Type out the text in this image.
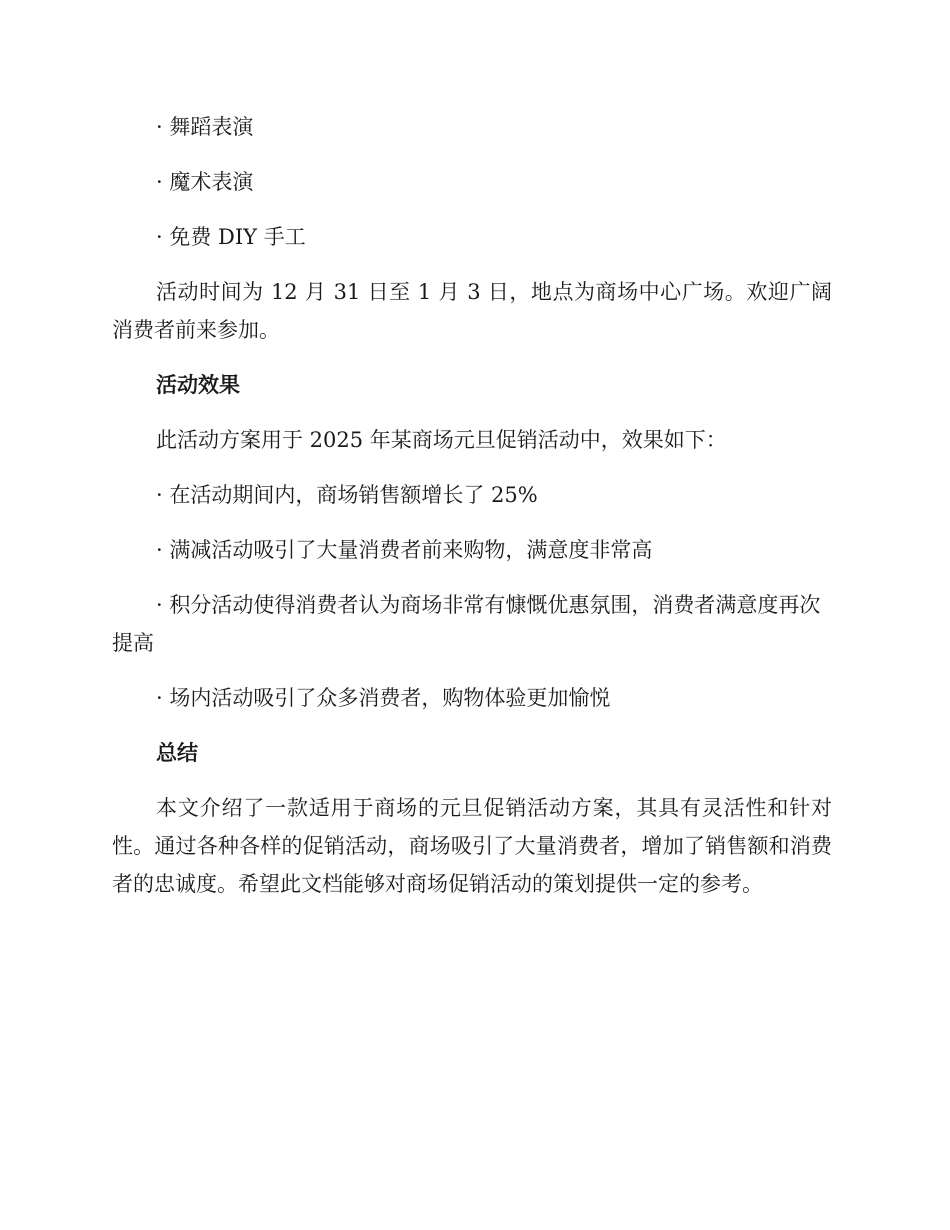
· 舞蹈表演

· 魔术表演

· 免费 DIY 手工

活动时间为 12 月 31 日至 1 月 3 日，地点为商场中心广场。欢迎广阔消费者前来参加。

活动效果

此活动方案用于 2025 年某商场元旦促销活动中，效果如下：

· 在活动期间内，商场销售额增长了 25%

· 满减活动吸引了大量消费者前来购物，满意度非常高

· 积分活动使得消费者认为商场非常有慷慨优惠氛围，消费者满意度再次提高

· 场内活动吸引了众多消费者，购物体验更加愉悦

总结

本文介绍了一款适用于商场的元旦促销活动方案，其具有灵活性和针对性。通过各种各样的促销活动，商场吸引了大量消费者，增加了销售额和消费者的忠诚度。希望此文档能够对商场促销活动的策划提供一定的参考。
